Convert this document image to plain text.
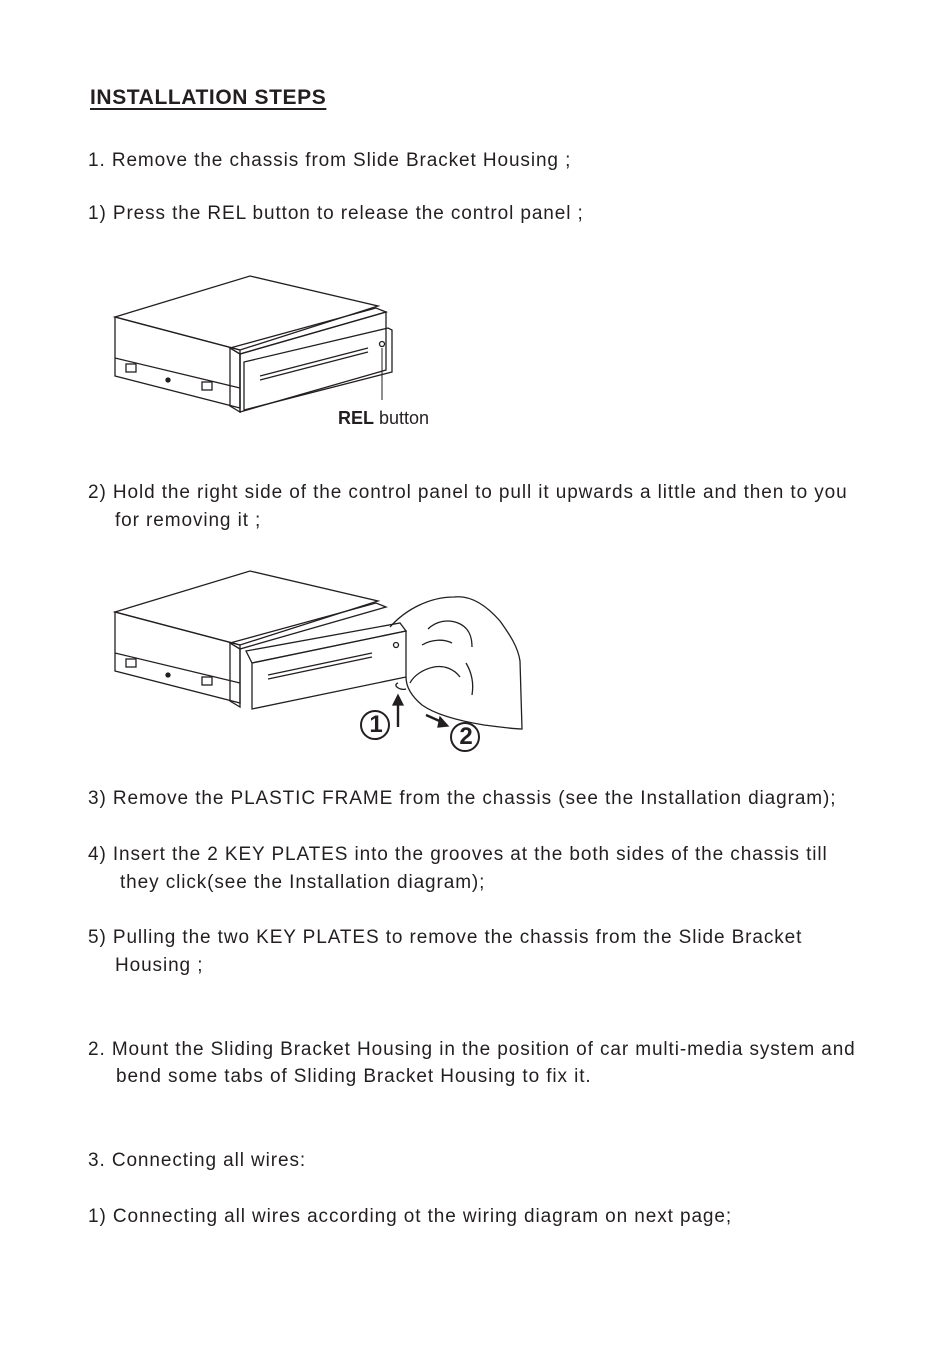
INSTALLATION STEPS
1. Remove the chassis from Slide Bracket Housing ;
1) Press the REL button to release the control panel ;
REL button
2) Hold the right side of the control panel to pull it upwards a little and then to you
for removing it ;
1	2
3) Remove the PLASTIC FRAME from the chassis (see the Installation diagram);
4) Insert the 2 KEY PLATES into the grooves at the both sides of the chassis till
they click(see the Installation diagram);
5) Pulling the two KEY PLATES to remove the chassis from the Slide Bracket
Housing ;
2. Mount the Sliding Bracket Housing in the position of car multi-media system and
bend some tabs of Sliding Bracket Housing to fix it.
3. Connecting all wires:
1) Connecting all wires according ot the wiring diagram on next page;
